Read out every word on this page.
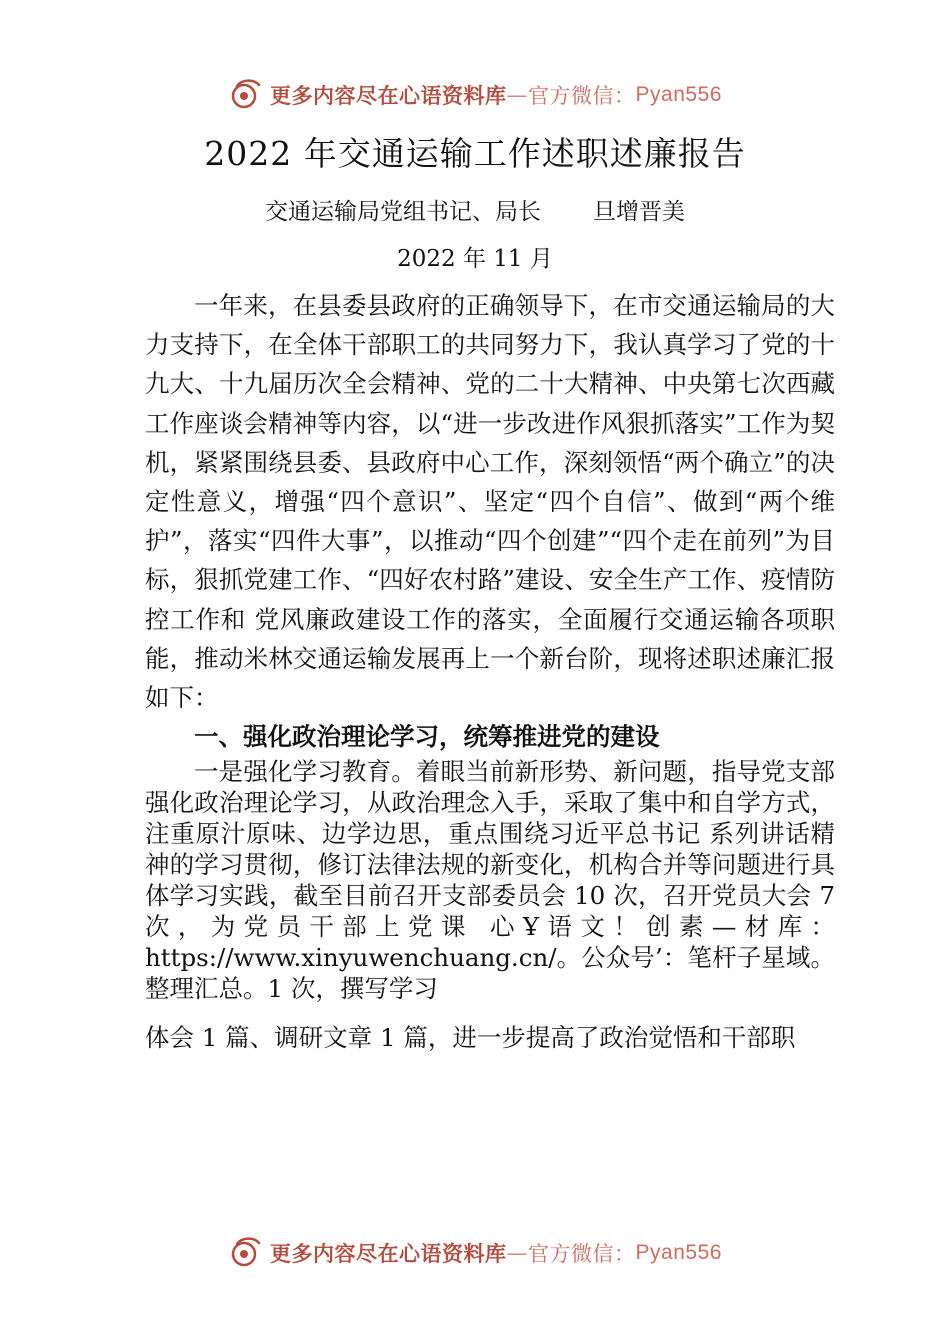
更多内容尽在心语资料库 — 官方微信： Pyan556
2022 年交通运输工作述职述廉报告
交通运输局党组书记、局长 旦增晋美
2022 年 11 月

一年来，在县委县政府的正确领导下，在市交通运输局的大力支持下，在全体干部职工的共同努力下，我认真学习了党的十九大、十九届历次全会精神、党的二十大精神、中央第七次西藏工作座谈会精神等内容，以“进一步改进作风狠抓落实”工作为契机，紧紧围绕县委、县政府中心工作，深刻领悟“两个确立”的决定性意义，增强“四个意识”、坚定“四个自信”、做到“两个维护”，落实“四件大事”，以推动“四个创建”“四个走在前列”为目标，狠抓党建工作、“四好农村路”建设、安全生产工作、疫情防控工作和 党风廉政建设工作的落实，全面履行交通运输各项职能，推动米林交通运输发展再上一个新台阶，现将述职述廉汇报如下：

一、强化政治理论学习，统筹推进党的建设

一是强化学习教育。着眼当前新形势、新问题，指导党支部强化政治理论学习，从政治理念入手，采取了集中和自学方式，注重原汁原味、边学边思，重点围绕习近平总书记 系列讲话精神的学习贯彻，修订法律法规的新变化，机构合并等问题进行具体学习实践，截至目前召开支部委员会 10 次，召开党员大会 7 次，为党员干部上党课 心Ұ语文！创素—材库：https://www.xinyuwenchuang.cn/。公众号’：笔杆子星域。整理汇总。1 次，撰写学习

体会 1 篇、调研文章 1 篇，进一步提高了政治觉悟和干部职

更多内容尽在心语资料库 — 官方微信： Pyan556
